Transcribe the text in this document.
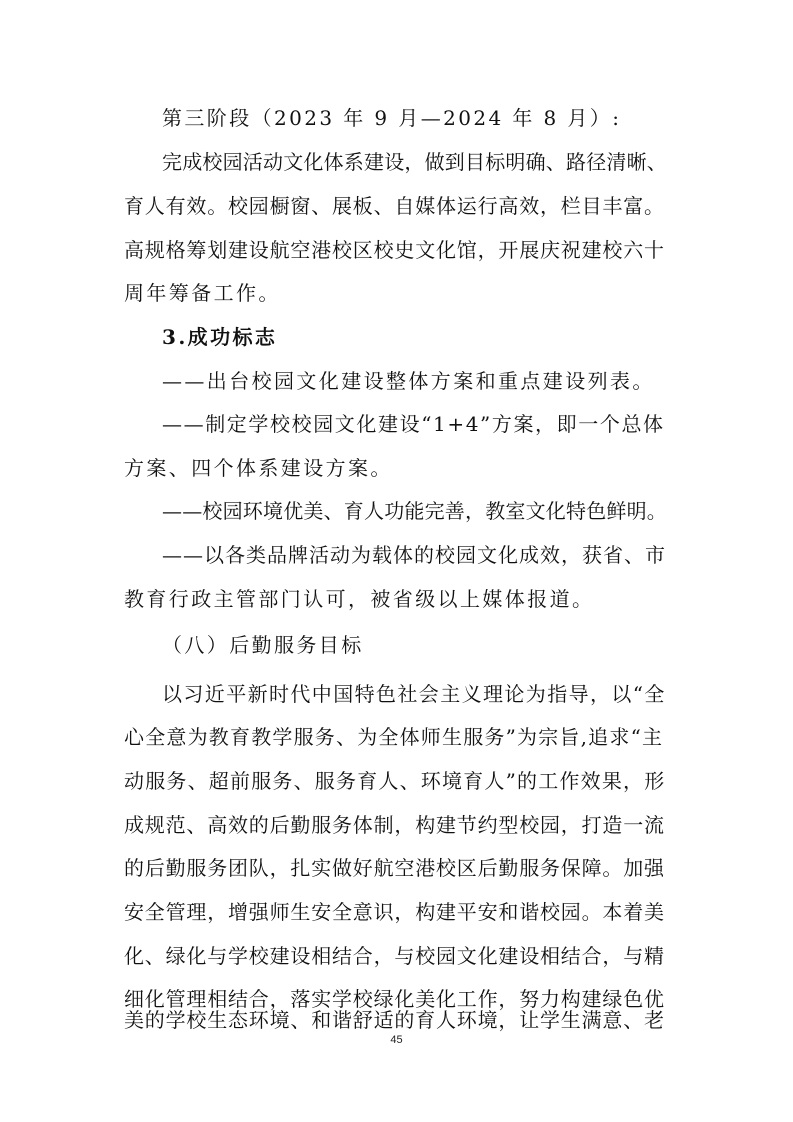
第三阶段（2023 年 9 月—2024 年 8 月）:
完成校园活动文化体系建设，做到目标明确、路径清晰、
育人有效。校园橱窗、展板、自媒体运行高效，栏目丰富。
高规格筹划建设航空港校区校史文化馆，开展庆祝建校六十
周年筹备工作。
3.成功标志
——出台校园文化建设整体方案和重点建设列表。
——制定学校校园文化建设“1+4”方案，即一个总体
方案、四个体系建设方案。
——校园环境优美、育人功能完善，教室文化特色鲜明。
——以各类品牌活动为载体的校园文化成效，获省、市
教育行政主管部门认可，被省级以上媒体报道。
（八）后勤服务目标
以习近平新时代中国特色社会主义理论为指导，以“全
心全意为教育教学服务、为全体师生服务”为宗旨,追求“主
动服务、超前服务、服务育人、环境育人”的工作效果，形
成规范、高效的后勤服务体制，构建节约型校园，打造一流
的后勤服务团队，扎实做好航空港校区后勤服务保障。加强
安全管理，增强师生安全意识，构建平安和谐校园。本着美
化、绿化与学校建设相结合，与校园文化建设相结合，与精
细化管理相结合，落实学校绿化美化工作，努力构建绿色优
美的学校生态环境、和谐舒适的育人环境，让学生满意、老
45
